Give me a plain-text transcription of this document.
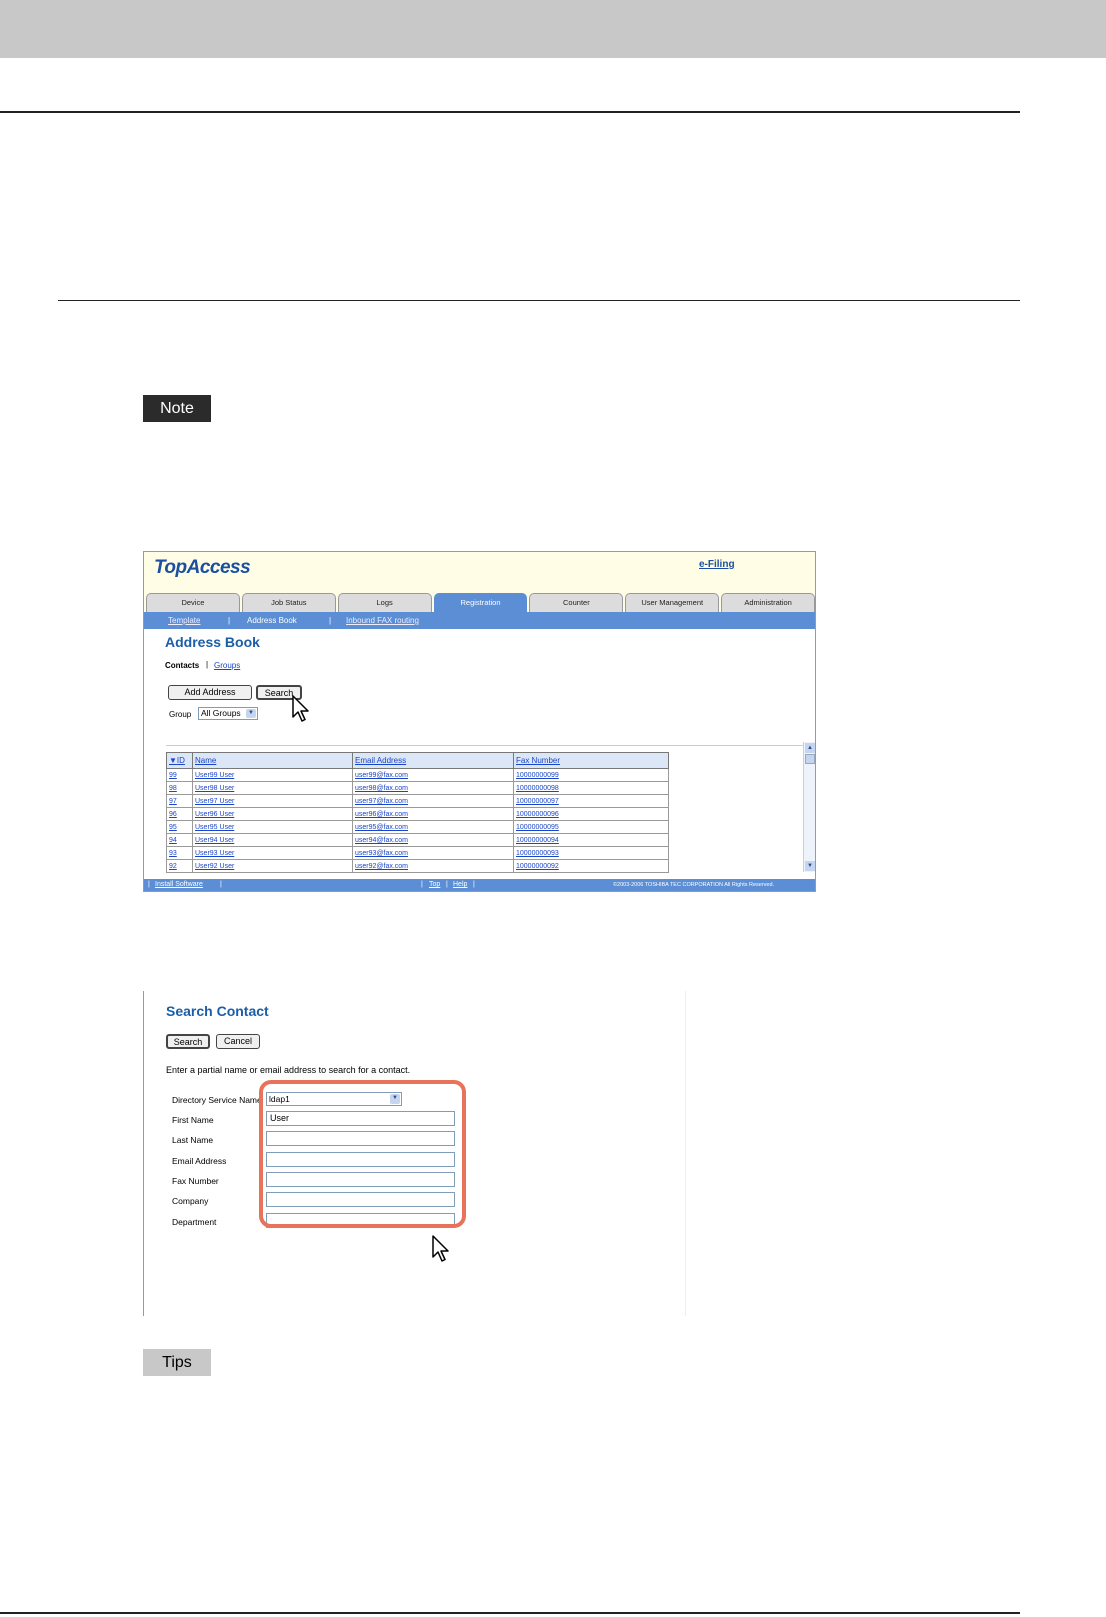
Note
TopAccess	e-Filing
Device	Job Status	Logs	Registration	Counter	User Management	Administration
Template	| Address Book	| Inbound FAX routing
Address Book
Contacts | Groups
Add Address	Search
Group	All Groups	▼
▼ID	Name	Email Address	Fax Number
99	User99 User	user99@fax.com	10000000099
98	User98 User	user98@fax.com	10000000098
97	User97 User	user97@fax.com	10000000097
96	User96 User	user96@fax.com	10000000096
95	User95 User	user95@fax.com	10000000095
94	User94 User	user94@fax.com	10000000094
93	User93 User	user93@fax.com	10000000093
92	User92 User	user92@fax.com	10000000092
▲
▼
| Install Software |	| Top | Help |	©2003-2006 TOSHIBA TEC CORPORATION All Rights Reserved.
Search Contact
Search	Cancel
Enter a partial name or email address to search for a contact.
Directory Service Name ldap1	▼
First Name	User
Last Name
Email Address
Fax Number
Company
Department
Tips
